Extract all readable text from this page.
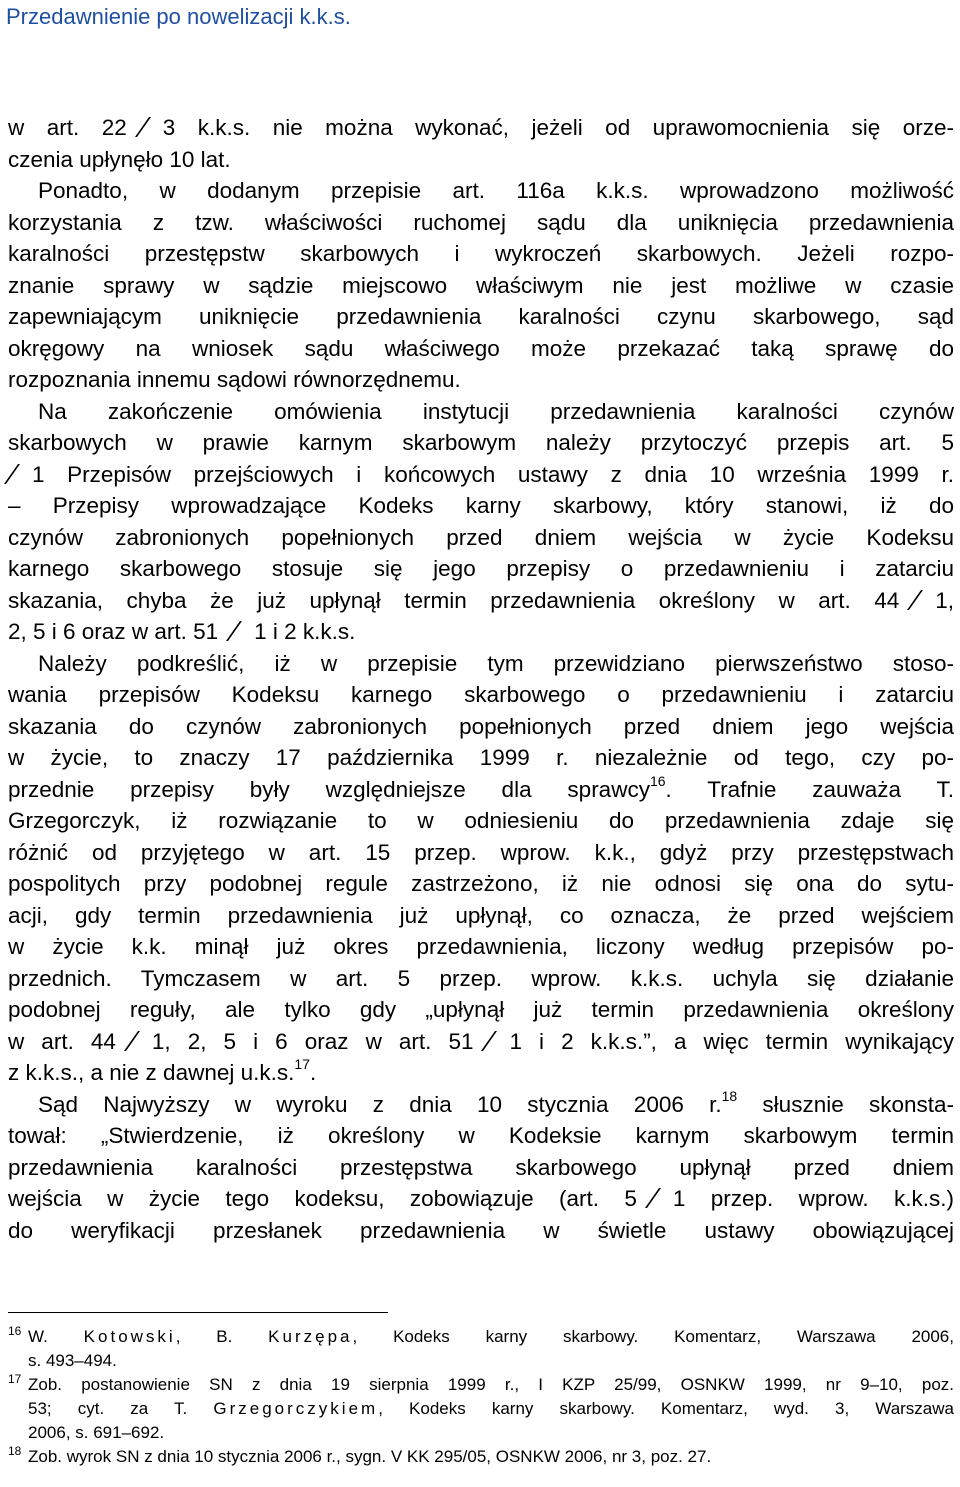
Przedawnienie po nowelizacji k.k.s.
w art. 22 3 k.k.s. nie można wykonać, jeżeli od uprawomocnienia się orze-
czenia upłynęło 10 lat.
Ponadto, w dodanym przepisie art. 116a k.k.s. wprowadzono możliwość
korzystania z tzw. właściwości ruchomej sądu dla uniknięcia przedawnienia
karalności przestępstw skarbowych i wykroczeń skarbowych. Jeżeli rozpo-
znanie sprawy w sądzie miejscowo właściwym nie jest możliwe w czasie
zapewniającym uniknięcie przedawnienia karalności czynu skarbowego, sąd
okręgowy na wniosek sądu właściwego może przekazać taką sprawę do
rozpoznania innemu sądowi równorzędnemu.
Na zakończenie omówienia instytucji przedawnienia karalności czynów
skarbowych w prawie karnym skarbowym należy przytoczyć przepis art. 5
1 Przepisów przejściowych i końcowych ustawy z dnia 10 września 1999 r.
– Przepisy wprowadzające Kodeks karny skarbowy, który stanowi, iż do
czynów zabronionych popełnionych przed dniem wejścia w życie Kodeksu
karnego skarbowego stosuje się jego przepisy o przedawnieniu i zatarciu
skazania, chyba że już upłynął termin przedawnienia określony w art. 44 1,
2, 5 i 6 oraz w art. 51 1 i 2 k.k.s.
Należy podkreślić, iż w przepisie tym przewidziano pierwszeństwo stoso-
wania przepisów Kodeksu karnego skarbowego o przedawnieniu i zatarciu
skazania do czynów zabronionych popełnionych przed dniem jego wejścia
w życie, to znaczy 17 października 1999 r. niezależnie od tego, czy po-
przednie przepisy były względniejsze dla sprawcy$^{16}$. Trafnie zauważa T.
Grzegorczyk, iż rozwiązanie to w odniesieniu do przedawnienia zdaje się
różnić od przyjętego w art. 15 przep. wprow. k.k., gdyż przy przestępstwach
pospolitych przy podobnej regule zastrzeżono, iż nie odnosi się ona do sytu-
acji, gdy termin przedawnienia już upłynął, co oznacza, że przed wejściem
w życie k.k. minął już okres przedawnienia, liczony według przepisów po-
przednich. Tymczasem w art. 5 przep. wprow. k.k.s. uchyla się działanie
podobnej reguły, ale tylko gdy „upłynął już termin przedawnienia określony
w art. 44 1, 2, 5 i 6 oraz w art. 51 1 i 2 k.k.s.”, a więc termin wynikający
z k.k.s., a nie z dawnej u.k.s.$^{17}$.
Sąd Najwyższy w wyroku z dnia 10 stycznia 2006 r.$^{18}$ słusznie skonsta-
tował: „Stwierdzenie, iż określony w Kodeksie karnym skarbowym termin
przedawnienia karalności przestępstwa skarbowego upłynął przed dniem
wejścia w życie tego kodeksu, zobowiązuje (art. 5 1 przep. wprow. k.k.s.)
do weryfikacji przesłanek przedawnienia w świetle ustawy obowiązującej
16 W. Kotowski, B. Kurzępa, Kodeks karny skarbowy. Komentarz, Warszawa 2006,
s. 493–494.
17 Zob. postanowienie SN z dnia 19 sierpnia 1999 r., I KZP 25/99, OSNKW 1999, nr 9–10, poz.
53; cyt. za T. Grzegorczykiem, Kodeks karny skarbowy. Komentarz, wyd. 3, Warszawa
2006, s. 691–692.
18 Zob. wyrok SN z dnia 10 stycznia 2006 r., sygn. V KK 295/05, OSNKW 2006, nr 3, poz. 27.
